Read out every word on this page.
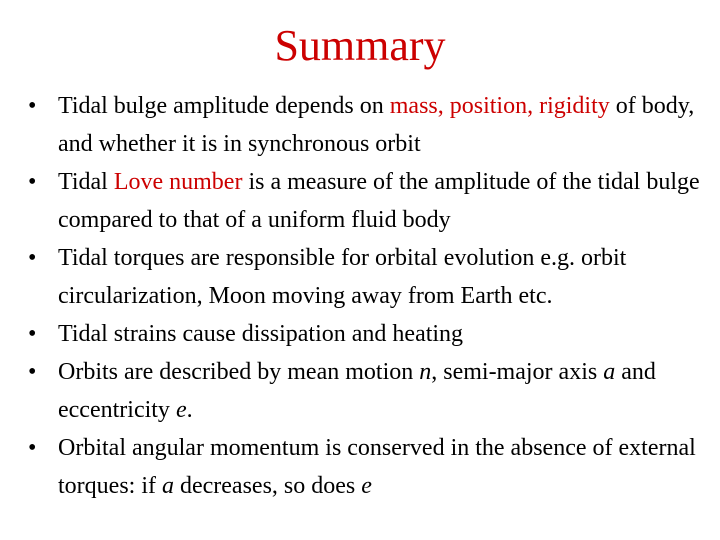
Summary
• Tidal bulge amplitude depends on mass, position, rigidity of body, and whether it is in synchronous orbit
• Tidal Love number is a measure of the amplitude of the tidal bulge compared to that of a uniform fluid body
• Tidal torques are responsible for orbital evolution e.g. orbit circularization, Moon moving away from Earth etc.
• Tidal strains cause dissipation and heating
• Orbits are described by mean motion n, semi-major axis a and eccentricity e.
• Orbital angular momentum is conserved in the absence of external torques: if a decreases, so does e
